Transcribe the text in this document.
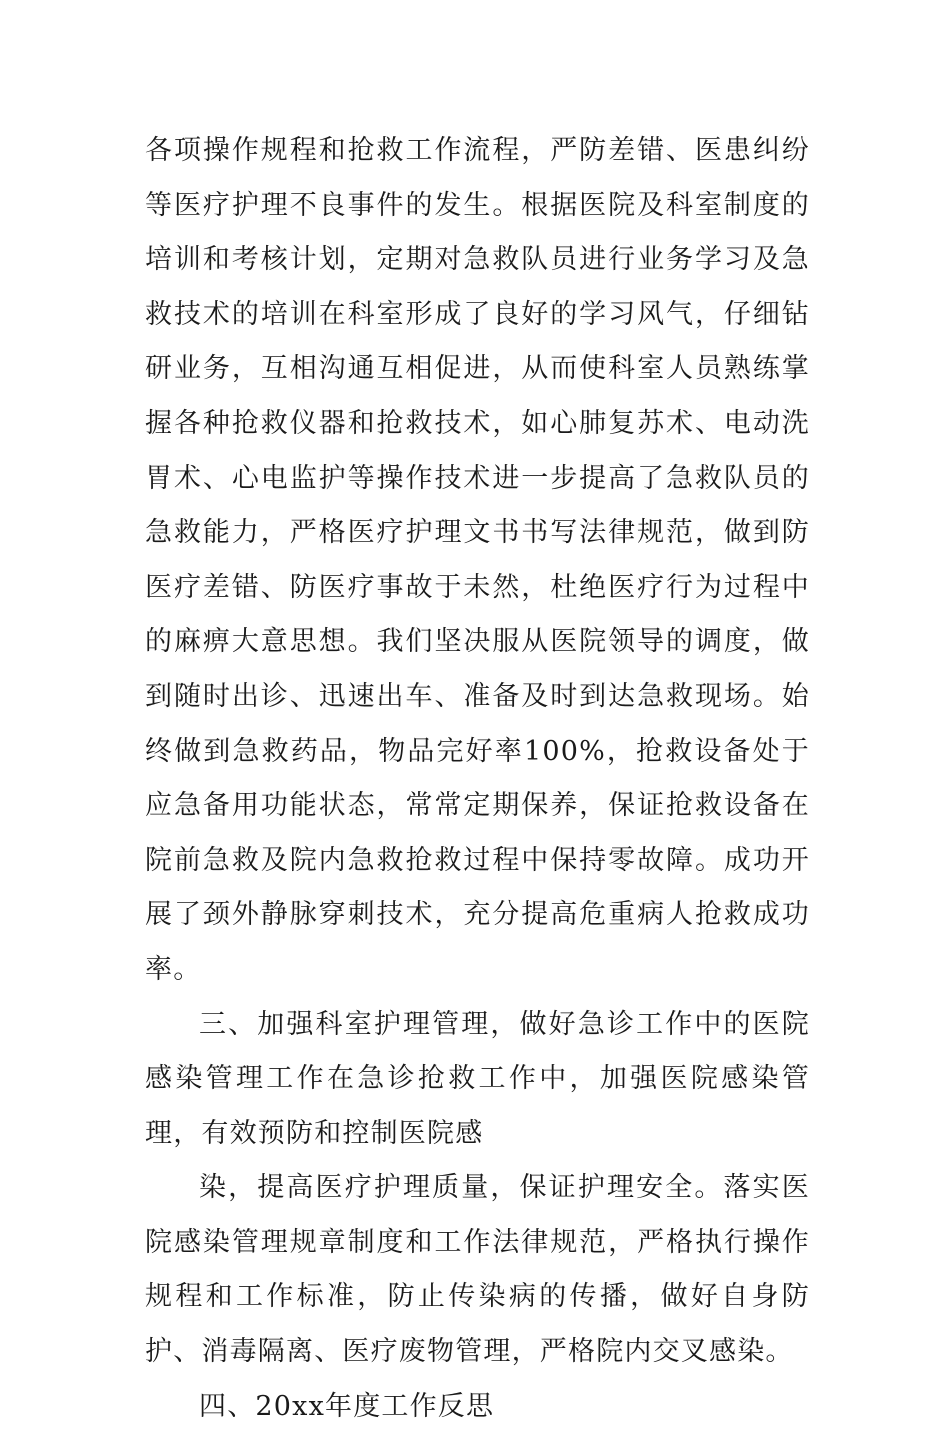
各项操作规程和抢救工作流程，严防差错、医患纠纷等医疗护理不良事件的发生。根据医院及科室制度的培训和考核计划，定期对急救队员进行业务学习及急救技术的培训在科室形成了良好的学习风气，仔细钻研业务，互相沟通互相促进，从而使科室人员熟练掌握各种抢救仪器和抢救技术，如心肺复苏术、电动洗胃术、心电监护等操作技术进一步提高了急救队员的急救能力，严格医疗护理文书书写法律规范，做到防医疗差错、防医疗事故于未然，杜绝医疗行为过程中的麻痹大意思想。我们坚决服从医院领导的调度，做到随时出诊、迅速出车、准备及时到达急救现场。始终做到急救药品，物品完好率100%，抢救设备处于应急备用功能状态，常常定期保养，保证抢救设备在院前急救及院内急救抢救过程中保持零故障。成功开展了颈外静脉穿刺技术，充分提高危重病人抢救成功率。

三、加强科室护理管理，做好急诊工作中的医院感染管理工作在急诊抢救工作中，加强医院感染管理，有效预防和控制医院感

染，提高医疗护理质量，保证护理安全。落实医院感染管理规章制度和工作法律规范，严格执行操作规程和工作标准，防止传染病的传播，做好自身防护、消毒隔离、医疗废物管理，严格院内交叉感染。

四、20xx年度工作反思
